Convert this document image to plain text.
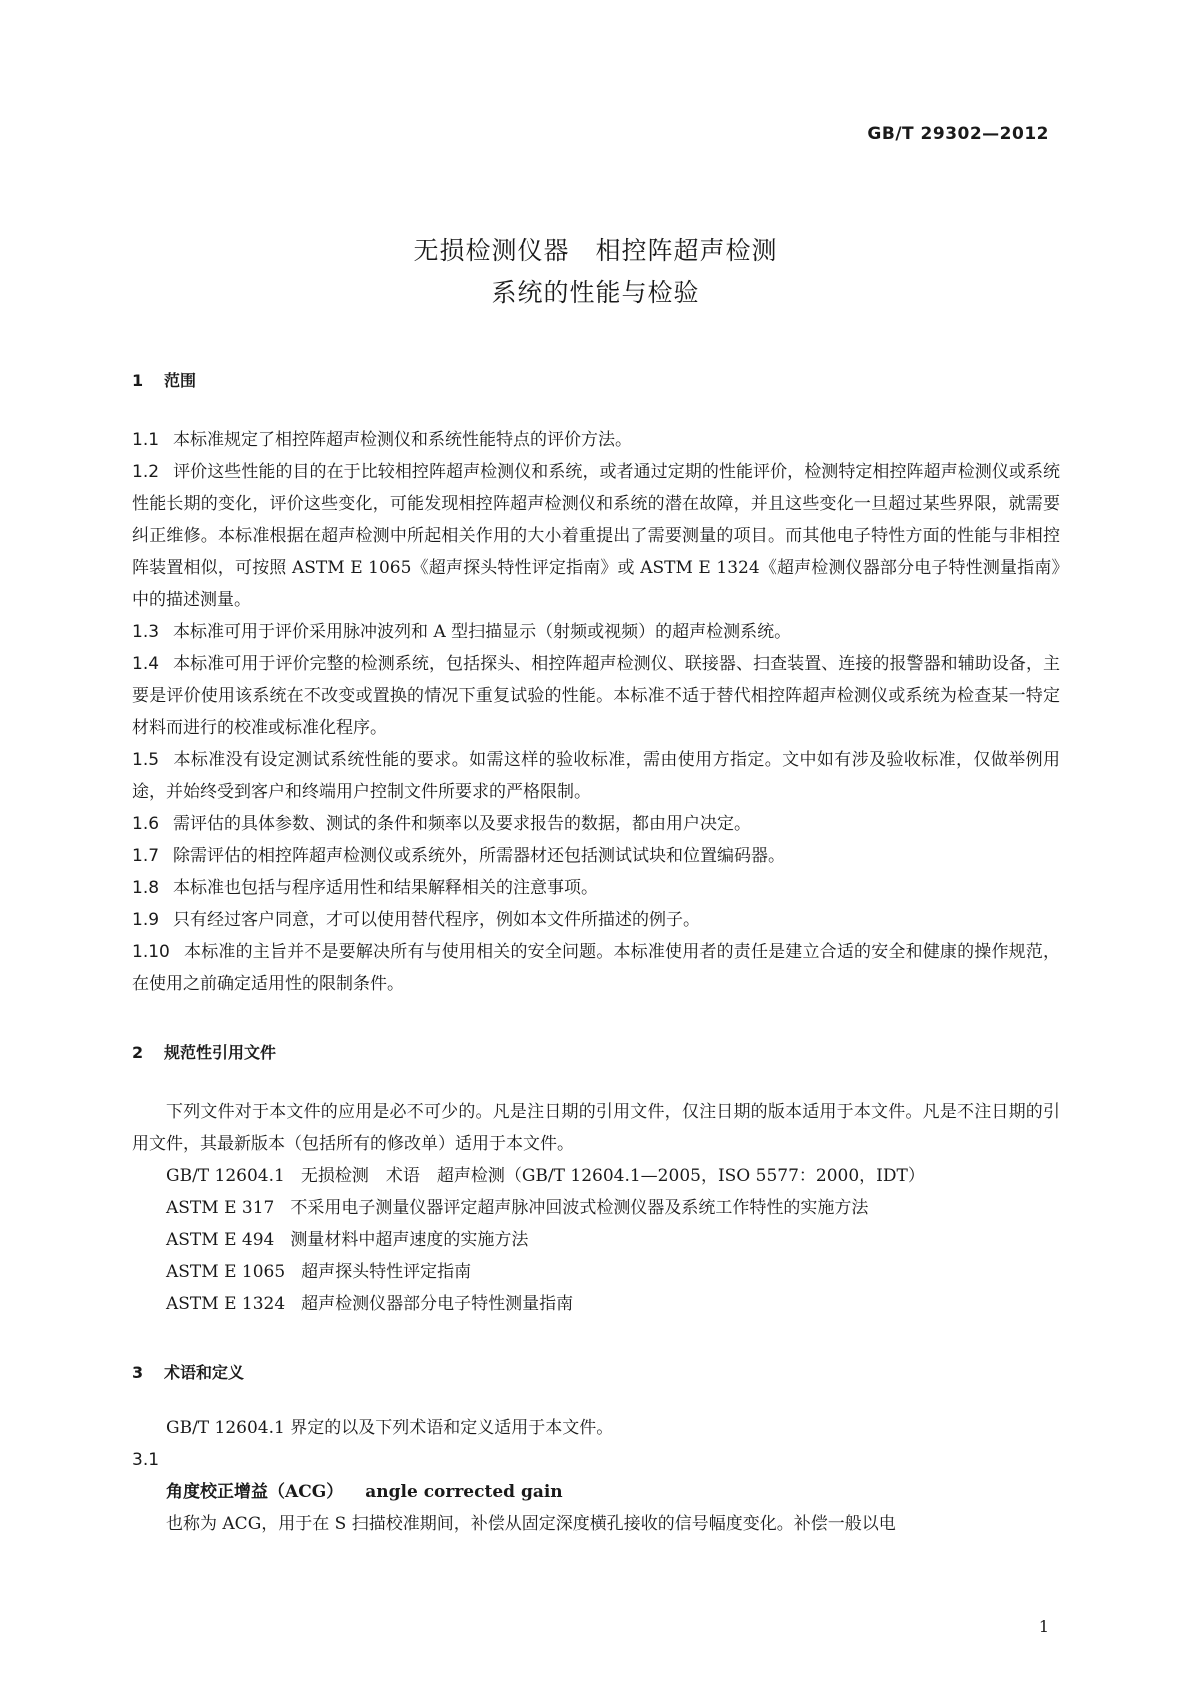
GB/T 29302—2012
无损检测仪器　相控阵超声检测
系统的性能与检验
1 范围

1.1 本标准规定了相控阵超声检测仪和系统性能特点的评价方法。

1.2 评价这些性能的目的在于比较相控阵超声检测仪和系统，或者通过定期的性能评价，检测特定相控阵超声检测仪或系统性能长期的变化，评价这些变化，可能发现相控阵超声检测仪和系统的潜在故障，并且这些变化一旦超过某些界限，就需要纠正维修。本标准根据在超声检测中所起相关作用的大小着重提出了需要测量的项目。而其他电子特性方面的性能与非相控阵装置相似，可按照 ASTM E 1065《超声探头特性评定指南》或 ASTM E 1324《超声检测仪器部分电子特性测量指南》中的描述测量。

1.3 本标准可用于评价采用脉冲波列和 A 型扫描显示（射频或视频）的超声检测系统。

1.4 本标准可用于评价完整的检测系统，包括探头、相控阵超声检测仪、联接器、扫查装置、连接的报警器和辅助设备，主要是评价使用该系统在不改变或置换的情况下重复试验的性能。本标准不适于替代相控阵超声检测仪或系统为检查某一特定材料而进行的校准或标准化程序。

1.5 本标准没有设定测试系统性能的要求。如需这样的验收标准，需由使用方指定。文中如有涉及验收标准，仅做举例用途，并始终受到客户和终端用户控制文件所要求的严格限制。

1.6 需评估的具体参数、测试的条件和频率以及要求报告的数据，都由用户决定。

1.7 除需评估的相控阵超声检测仪或系统外，所需器材还包括测试试块和位置编码器。

1.8 本标准也包括与程序适用性和结果解释相关的注意事项。

1.9 只有经过客户同意，才可以使用替代程序，例如本文件所描述的例子。

1.10 本标准的主旨并不是要解决所有与使用相关的安全问题。本标准使用者的责任是建立合适的安全和健康的操作规范，在使用之前确定适用性的限制条件。

2 规范性引用文件

下列文件对于本文件的应用是必不可少的。凡是注日期的引用文件，仅注日期的版本适用于本文件。凡是不注日期的引用文件，其最新版本（包括所有的修改单）适用于本文件。

GB/T 12604.1 无损检测　术语　超声检测（GB/T 12604.1—2005，ISO 5577：2000，IDT）

ASTM E 317 不采用电子测量仪器评定超声脉冲回波式检测仪器及系统工作特性的实施方法

ASTM E 494 测量材料中超声速度的实施方法

ASTM E 1065 超声探头特性评定指南

ASTM E 1324 超声检测仪器部分电子特性测量指南

3 术语和定义

GB/T 12604.1 界定的以及下列术语和定义适用于本文件。

3.1

角度校正增益（ACG） angle corrected gain

也称为 ACG，用于在 S 扫描校准期间，补偿从固定深度横孔接收的信号幅度变化。补偿一般以电

1
